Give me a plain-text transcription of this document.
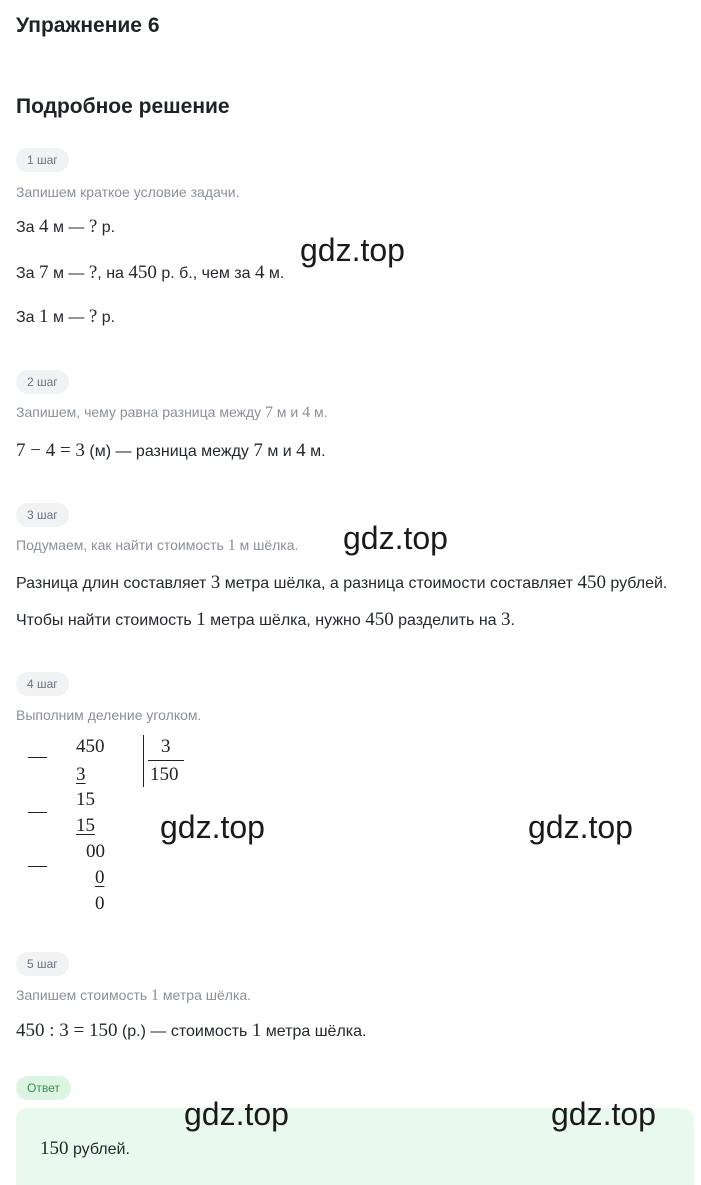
Упражнение 6
Подробное решение
1 шаг
Запишем краткое условие задачи.
За 4 м — ? р.
За 7 м — ?, на 450 р. б., чем за 4 м.
За 1 м — ? р.
2 шаг
Запишем, чему равна разница между 7 м и 4 м.
7 − 4 = 3 (м) — разница между 7 м и 4 м.
3 шаг
Подумаем, как найти стоимость 1 м шёлка.
Разница длин составляет 3 метра шёлка, а разница стоимости составляет 450 рублей. Чтобы найти стоимость 1 метра шёлка, нужно 450 разделить на 3.
4 шаг
Выполним деление уголком.
— 450	3
150
3
—
15
15
—
00
0
0
5 шаг
Запишем стоимость 1 метра шёлка.
450 : 3 = 150 (р.) — стоимость 1 метра шёлка.
Ответ
150 рублей.
gdz.top
gdz.top
gdz.top	gdz.top
gdz.top	gdz.top
